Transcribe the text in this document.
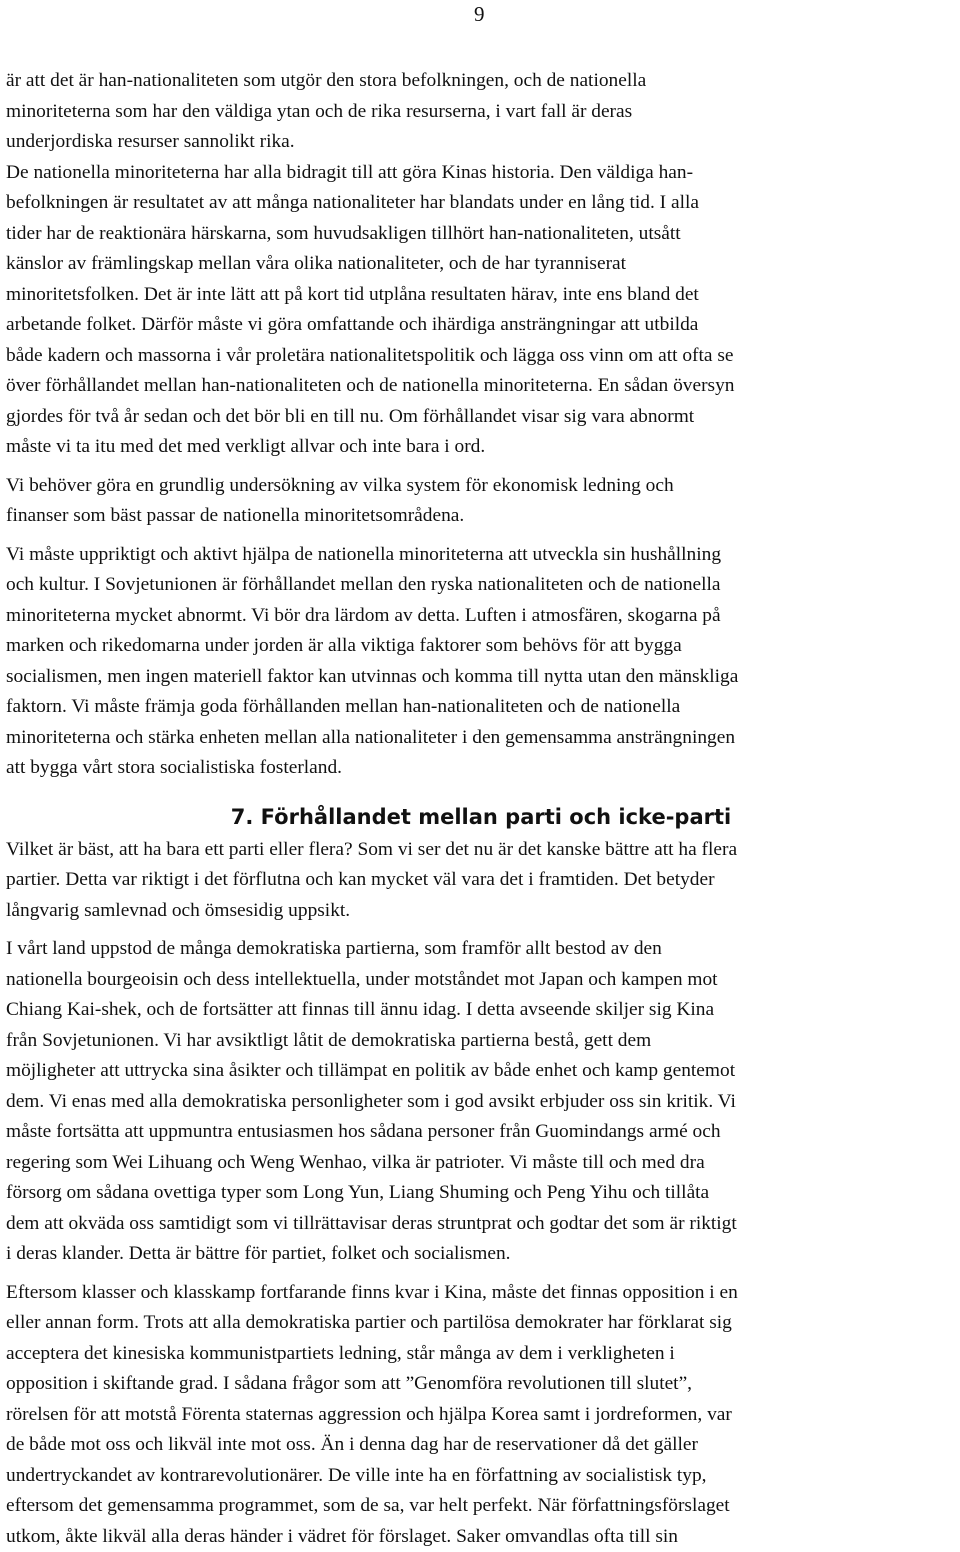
9

är att det är han-nationaliteten som utgör den stora befolkningen, och de nationella
minoriteterna som har den väldiga ytan och de rika resurserna, i vart fall är deras
underjordiska resurser sannolikt rika.
De nationella minoriteterna har alla bidragit till att göra Kinas historia. Den väldiga han-
befolkningen är resultatet av att många nationaliteter har blandats under en lång tid. I alla
tider har de reaktionära härskarna, som huvudsakligen tillhört han-nationaliteten, utsått
känslor av främlingskap mellan våra olika nationaliteter, och de har tyranniserat
minoritetsfolken. Det är inte lätt att på kort tid utplåna resultaten härav, inte ens bland det
arbetande folket. Därför måste vi göra omfattande och ihärdiga ansträngningar att utbilda
både kadern och massorna i vår proletära nationalitetspolitik och lägga oss vinn om att ofta se
över förhållandet mellan han-nationaliteten och de nationella minoriteterna. En sådan översyn
gjordes för två år sedan och det bör bli en till nu. Om förhållandet visar sig vara abnormt
måste vi ta itu med det med verkligt allvar och inte bara i ord.

Vi behöver göra en grundlig undersökning av vilka system för ekonomisk ledning och
finanser som bäst passar de nationella minoritetsområdena.

Vi måste uppriktigt och aktivt hjälpa de nationella minoriteterna att utveckla sin hushållning
och kultur. I Sovjetunionen är förhållandet mellan den ryska nationaliteten och de nationella
minoriteterna mycket abnormt. Vi bör dra lärdom av detta. Luften i atmosfären, skogarna på
marken och rikedomarna under jorden är alla viktiga faktorer som behövs för att bygga
socialismen, men ingen materiell faktor kan utvinnas och komma till nytta utan den mänskliga
faktorn. Vi måste främja goda förhållanden mellan han-nationaliteten och de nationella
minoriteterna och stärka enheten mellan alla nationaliteter i den gemensamma ansträngningen
att bygga vårt stora socialistiska fosterland.

7. Förhållandet mellan parti och icke-parti

Vilket är bäst, att ha bara ett parti eller flera? Som vi ser det nu är det kanske bättre att ha flera
partier. Detta var riktigt i det förflutna och kan mycket väl vara det i framtiden. Det betyder
långvarig samlevnad och ömsesidig uppsikt.

I vårt land uppstod de många demokratiska partierna, som framför allt bestod av den
nationella bourgeoisin och dess intellektuella, under motståndet mot Japan och kampen mot
Chiang Kai-shek, och de fortsätter att finnas till ännu idag. I detta avseende skiljer sig Kina
från Sovjetunionen. Vi har avsiktligt låtit de demokratiska partierna bestå, gett dem
möjligheter att uttrycka sina åsikter och tillämpat en politik av både enhet och kamp gentemot
dem. Vi enas med alla demokratiska personligheter som i god avsikt erbjuder oss sin kritik. Vi
måste fortsätta att uppmuntra entusiasmen hos sådana personer från Guomindangs armé och
regering som Wei Lihuang och Weng Wenhao, vilka är patrioter. Vi måste till och med dra
försorg om sådana ovettiga typer som Long Yun, Liang Shuming och Peng Yihu och tillåta
dem att okväda oss samtidigt som vi tillrättavisar deras struntprat och godtar det som är riktigt
i deras klander. Detta är bättre för partiet, folket och socialismen.

Eftersom klasser och klasskamp fortfarande finns kvar i Kina, måste det finnas opposition i en
eller annan form. Trots att alla demokratiska partier och partilösa demokrater har förklarat sig
acceptera det kinesiska kommunistpartiets ledning, står många av dem i verkligheten i
opposition i skiftande grad. I sådana frågor som att ”Genomföra revolutionen till slutet”,
rörelsen för att motstå Förenta staternas aggression och hjälpa Korea samt i jordreformen, var
de både mot oss och likväl inte mot oss. Än i denna dag har de reservationer då det gäller
undertryckandet av kontrarevolutionärer. De ville inte ha en författning av socialistisk typ,
eftersom det gemensamma programmet, som de sa, var helt perfekt. När författningsförslaget
utkom, åkte likväl alla deras händer i vädret för förslaget. Saker omvandlas ofta till sin
